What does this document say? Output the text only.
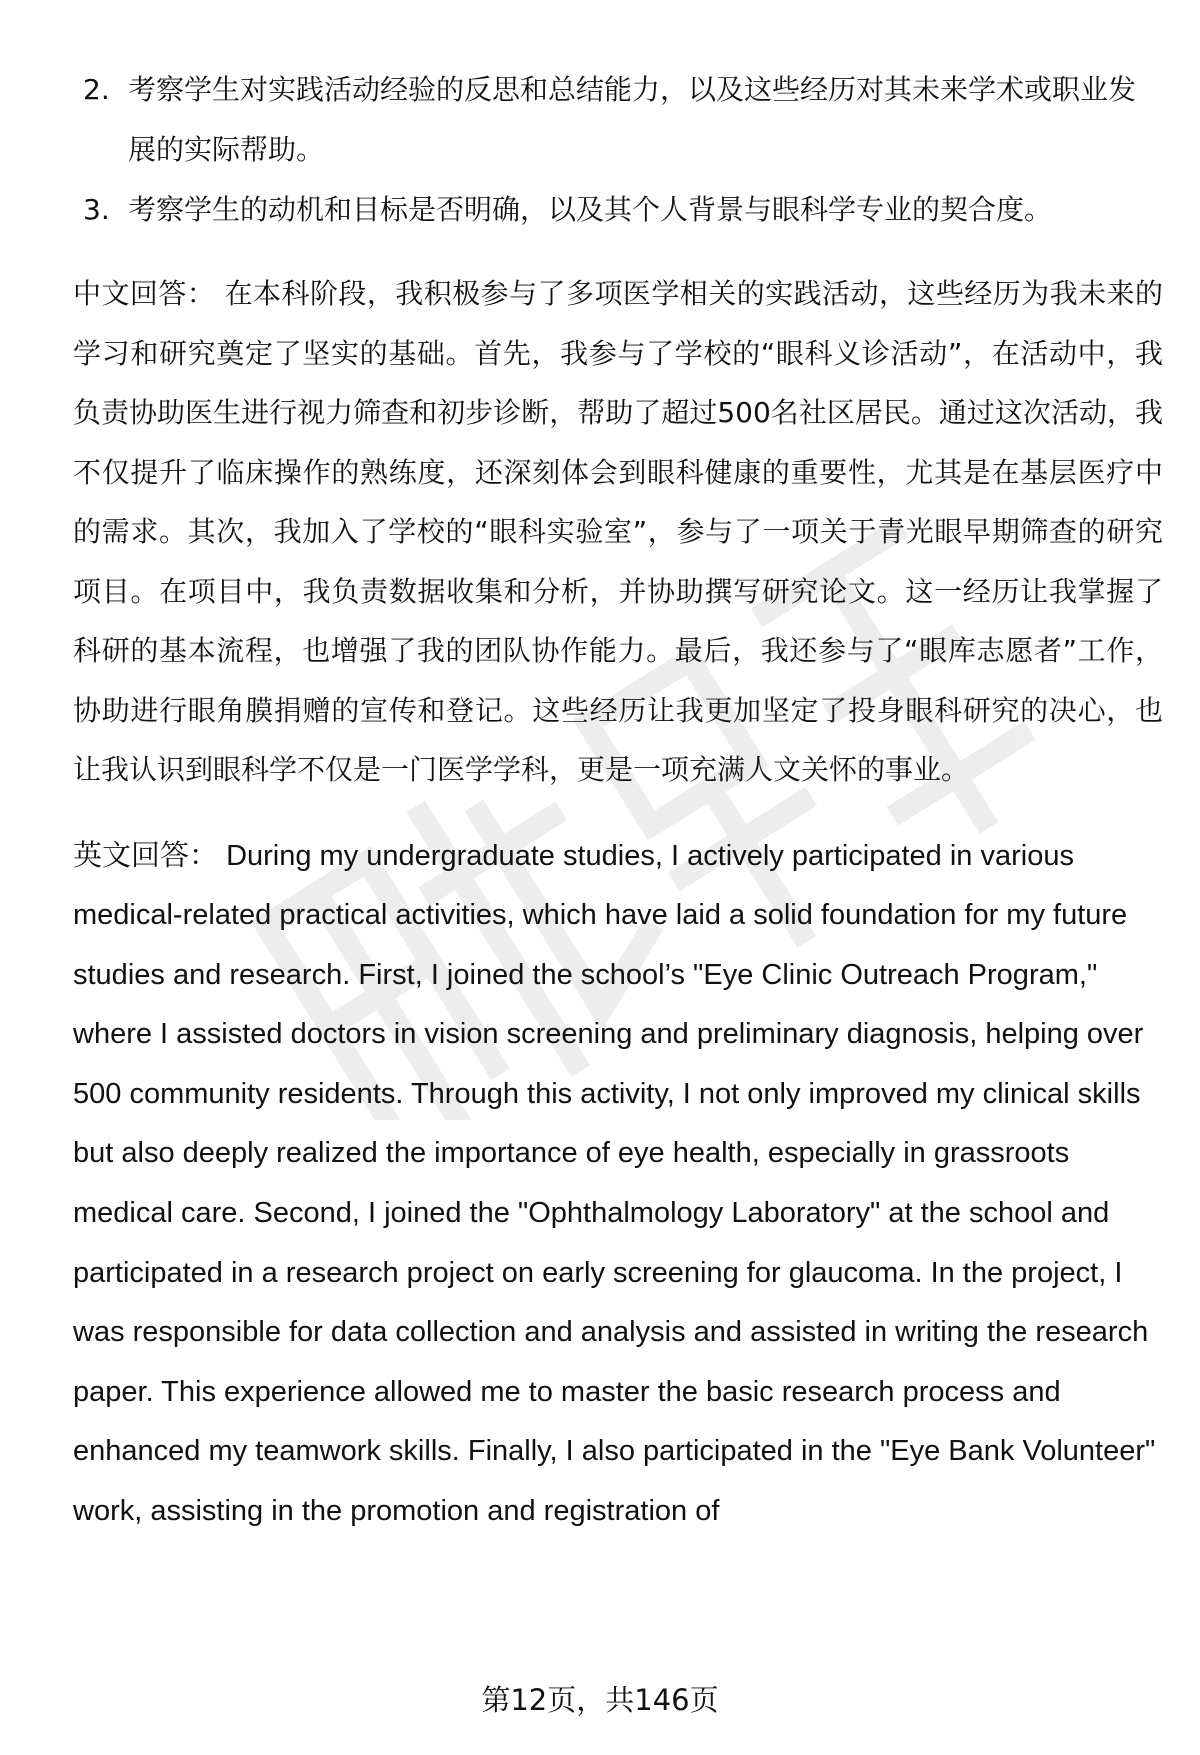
2. 考察学生对实践活动经验的反思和总结能力，以及这些经历对其未来学术或职业发展的实际帮助。
3. 考察学生的动机和目标是否明确，以及其个人背景与眼科学专业的契合度。

中文回答： 在本科阶段，我积极参与了多项医学相关的实践活动，这些经历为我未来的学习和研究奠定了坚实的基础。首先，我参与了学校的“眼科义诊活动”，在活动中，我负责协助医生进行视力筛查和初步诊断，帮助了超过500名社区居民。通过这次活动，我不仅提升了临床操作的熟练度，还深刻体会到眼科健康的重要性，尤其是在基层医疗中的需求。其次，我加入了学校的“眼科实验室”，参与了一项关于青光眼早期筛查的研究项目。在项目中，我负责数据收集和分析，并协助撰写研究论文。这一经历让我掌握了科研的基本流程，也增强了我的团队协作能力。最后，我还参与了“眼库志愿者”工作，协助进行眼角膜捐赠的宣传和登记。这些经历让我更加坚定了投身眼科研究的决心，也让我认识到眼科学不仅是一门医学学科，更是一项充满人文关怀的事业。

英文回答： During my undergraduate studies, I actively participated in various medical-related practical activities, which have laid a solid foundation for my future studies and research. First, I joined the school’s "Eye Clinic Outreach Program," where I assisted doctors in vision screening and preliminary diagnosis, helping over 500 community residents. Through this activity, I not only improved my clinical skills but also deeply realized the importance of eye health, especially in grassroots medical care. Second, I joined the "Ophthalmology Laboratory" at the school and participated in a research project on early screening for glaucoma. In the project, I was responsible for data collection and analysis and assisted in writing the research paper. This experience allowed me to master the basic research process and enhanced my teamwork skills. Finally, I also participated in the "Eye Bank Volunteer" work, assisting in the promotion and registration of

第12页，共146页
